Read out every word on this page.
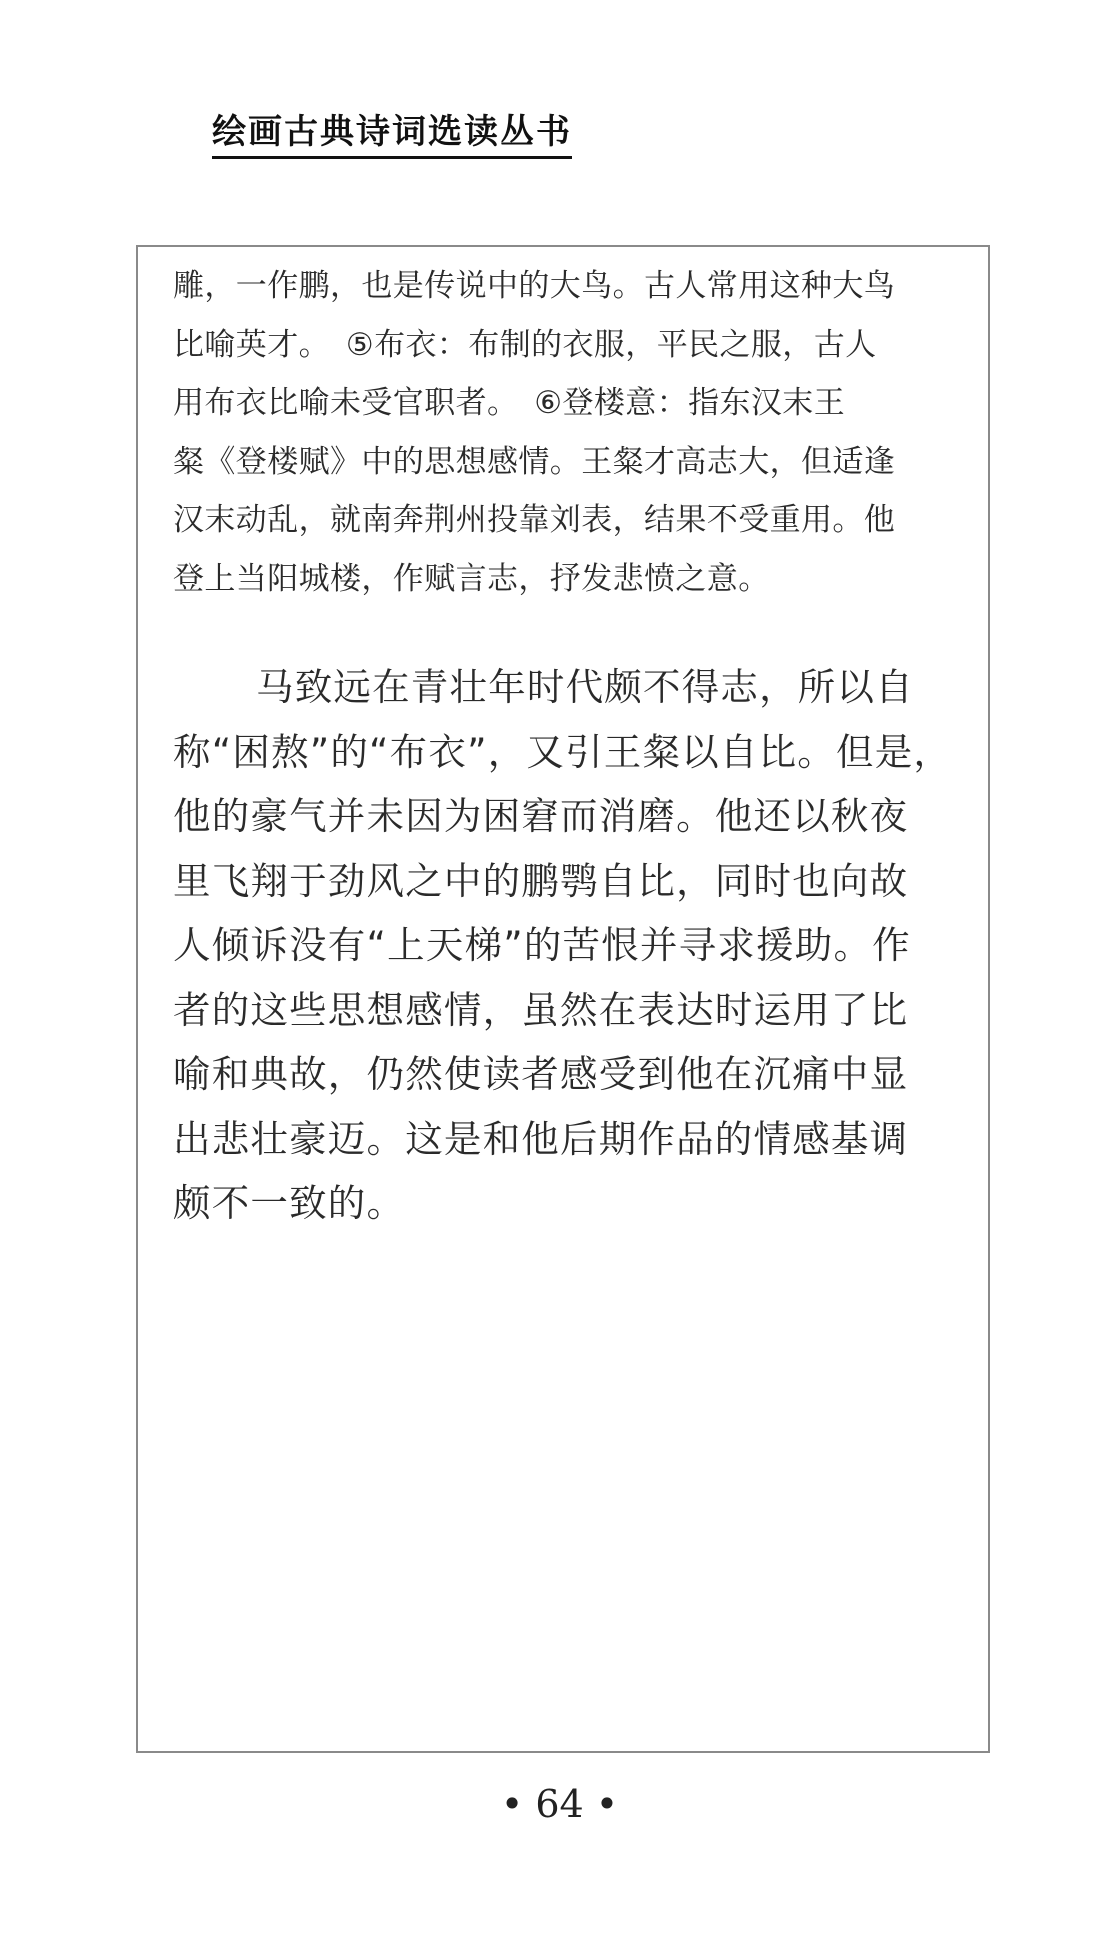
绘画古典诗词选读丛书
雕，一作鹏，也是传说中的大鸟。古人常用这种大鸟
比喻英才。　⑤布衣：布制的衣服，平民之服，古人
用布衣比喻未受官职者。　⑥登楼意：指东汉末王
粲《登楼赋》中的思想感情。王粲才高志大，但适逢
汉末动乱，就南奔荆州投靠刘表，结果不受重用。他
登上当阳城楼，作赋言志，抒发悲愤之意。
马致远在青壮年时代颇不得志，所以自
称“困熬”的“布衣”，又引王粲以自比。但是，
他的豪气并未因为困窘而消磨。他还以秋夜
里飞翔于劲风之中的鹏鹗自比，同时也向故
人倾诉没有“上天梯”的苦恨并寻求援助。作
者的这些思想感情，虽然在表达时运用了比
喻和典故，仍然使读者感受到他在沉痛中显
出悲壮豪迈。这是和他后期作品的情感基调
颇不一致的。
• 64 •
